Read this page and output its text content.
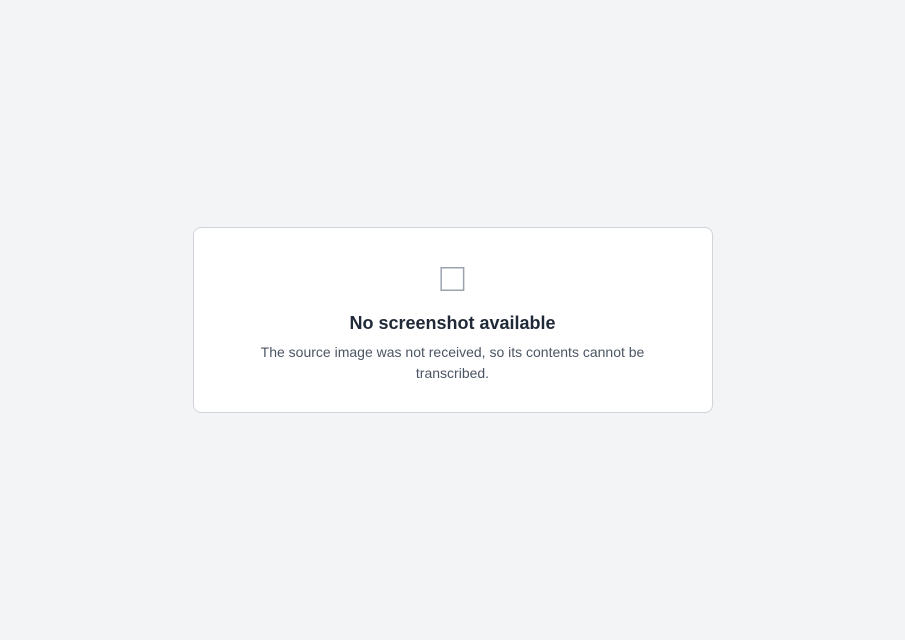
□

No screenshot available

The source image was not received, so its contents cannot be transcribed.
